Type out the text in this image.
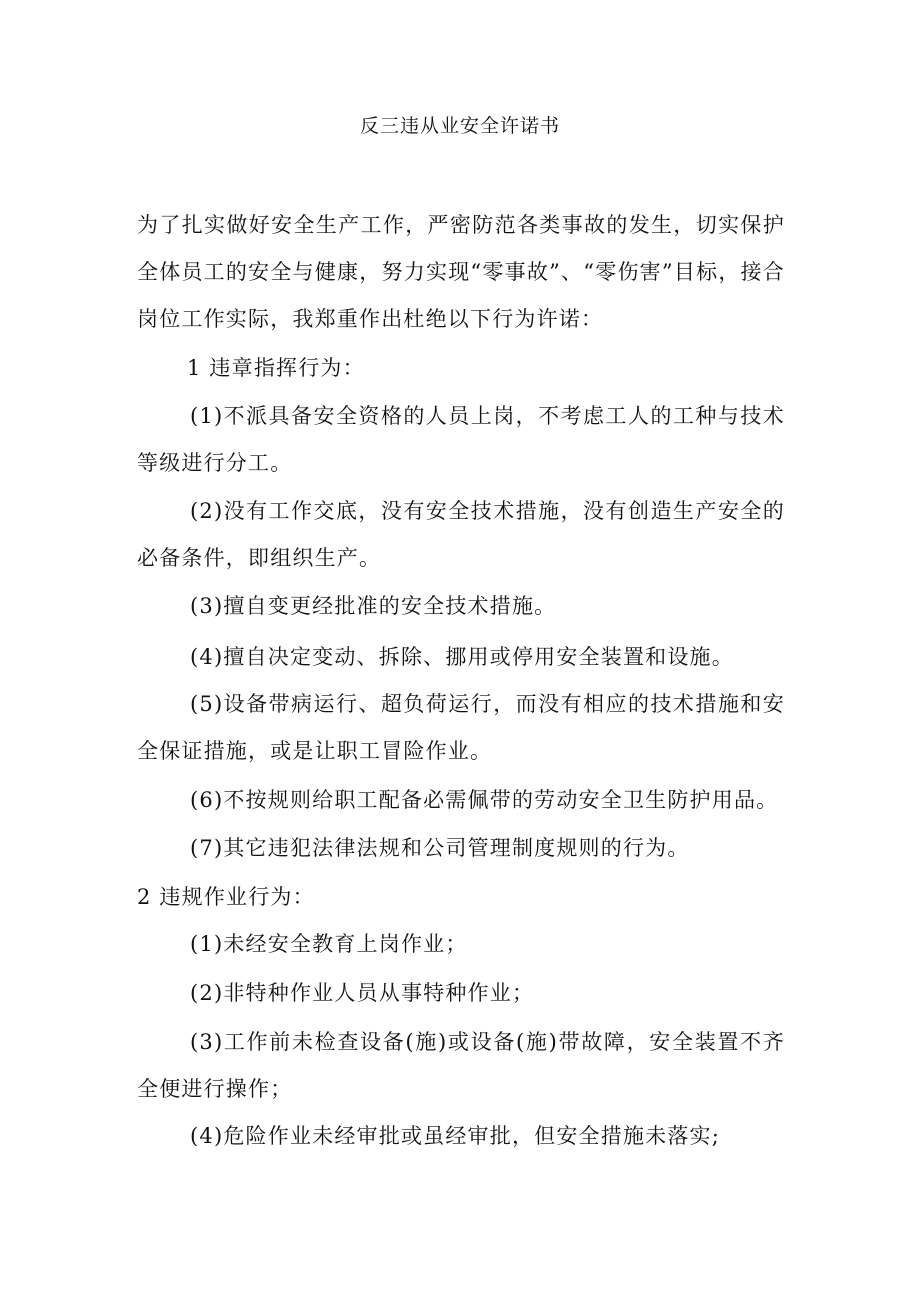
反三违从业安全许诺书

为了扎实做好安全生产工作，严密防范各类事故的发生，切实保护全体员工的安全与健康，努力实现“零事故”、“零伤害”目标，接合岗位工作实际，我郑重作出杜绝以下行为许诺：

1 违章指挥行为：

(1)不派具备安全资格的人员上岗，不考虑工人的工种与技术等级进行分工。

(2)没有工作交底，没有安全技术措施，没有创造生产安全的必备条件，即组织生产。

(3)擅自变更经批准的安全技术措施。

(4)擅自决定变动、拆除、挪用或停用安全装置和设施。

(5)设备带病运行、超负荷运行，而没有相应的技术措施和安全保证措施，或是让职工冒险作业。

(6)不按规则给职工配备必需佩带的劳动安全卫生防护用品。

(7)其它违犯法律法规和公司管理制度规则的行为。

2 违规作业行为：

(1)未经安全教育上岗作业；

(2)非特种作业人员从事特种作业；

(3)工作前未检查设备(施)或设备(施)带故障，安全装置不齐全便进行操作；

(4)危险作业未经审批或虽经审批，但安全措施未落实;
